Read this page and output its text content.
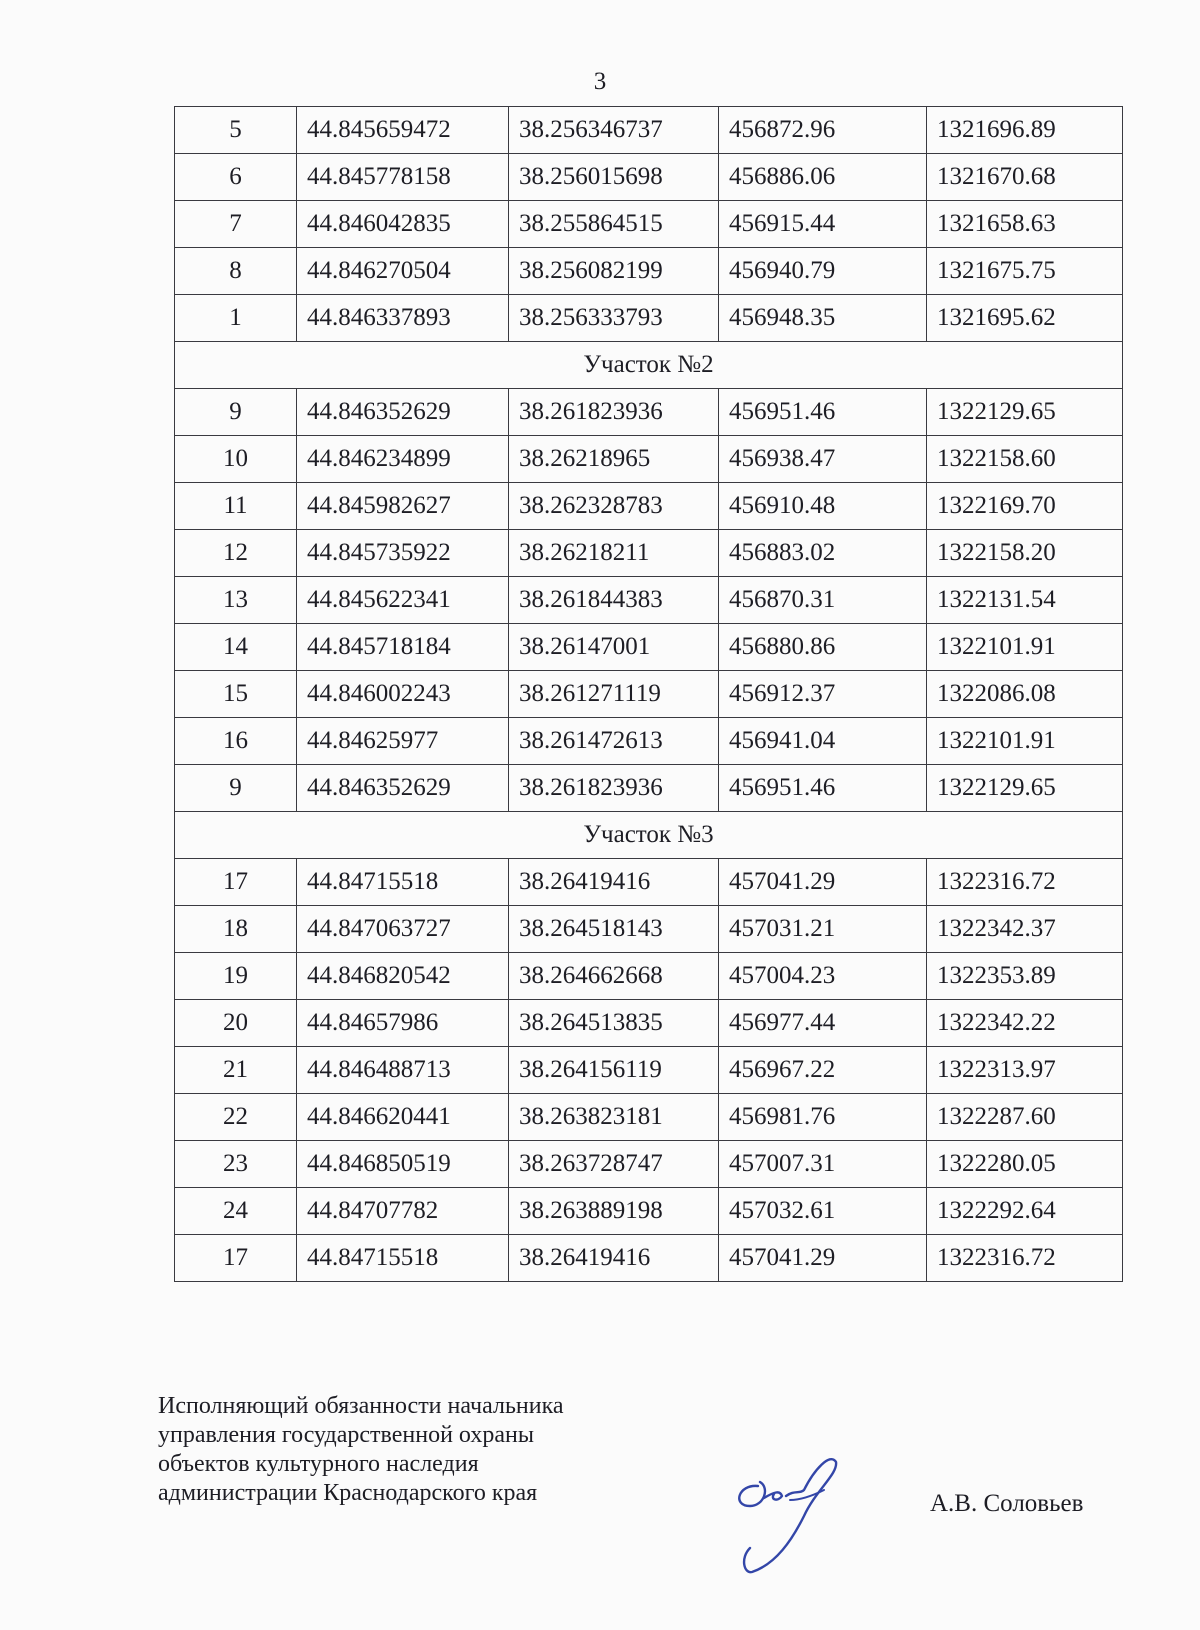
3
5	44.845659472	38.256346737	456872.96	1321696.89
6	44.845778158	38.256015698	456886.06	1321670.68
7	44.846042835	38.255864515	456915.44	1321658.63
8	44.846270504	38.256082199	456940.79	1321675.75
1	44.846337893	38.256333793	456948.35	1321695.62
Участок №2				
9	44.846352629	38.261823936	456951.46	1322129.65
10	44.846234899	38.26218965	456938.47	1322158.60
11	44.845982627	38.262328783	456910.48	1322169.70
12	44.845735922	38.26218211	456883.02	1322158.20
13	44.845622341	38.261844383	456870.31	1322131.54
14	44.845718184	38.26147001	456880.86	1322101.91
15	44.846002243	38.261271119	456912.37	1322086.08
16	44.84625977	38.261472613	456941.04	1322101.91
9	44.846352629	38.261823936	456951.46	1322129.65
Участок №3				
17	44.84715518	38.26419416	457041.29	1322316.72
18	44.847063727	38.264518143	457031.21	1322342.37
19	44.846820542	38.264662668	457004.23	1322353.89
20	44.84657986	38.264513835	456977.44	1322342.22
21	44.846488713	38.264156119	456967.22	1322313.97
22	44.846620441	38.263823181	456981.76	1322287.60
23	44.846850519	38.263728747	457007.31	1322280.05
24	44.84707782	38.263889198	457032.61	1322292.64
17	44.84715518	38.26419416	457041.29	1322316.72
Исполняющий обязанности начальника
управления государственной охраны
объектов культурного наследия
администрации Краснодарского края	А.В. Соловьев
